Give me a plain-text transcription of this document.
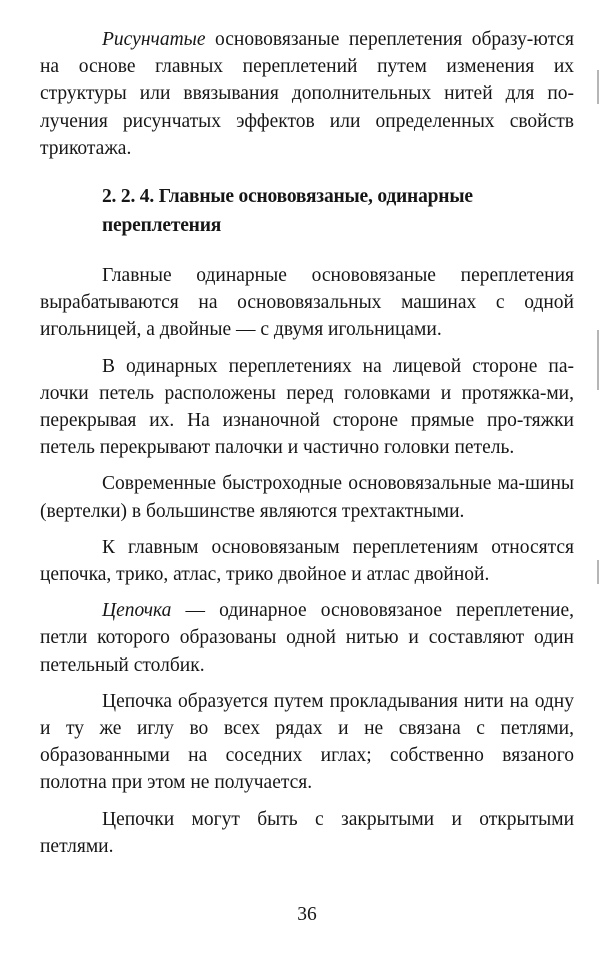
Рисунчатые основовязаные переплетения образу-ются на основе главных переплетений путем изменения их структуры или ввязывания дополнительных нитей для по-лучения рисунчатых эффектов или определенных свойств трикотажа.

2. 2. 4. Главные основовязаные, одинарные переплетения

Главные одинарные основовязаные переплетения вырабатываются на основовязальных машинах с одной игольницей, а двойные — с двумя игольницами.

В одинарных переплетениях на лицевой стороне па-лочки петель расположены перед головками и протяжка-ми, перекрывая их. На изнаночной стороне прямые про-тяжки петель перекрывают палочки и частично головки петель.

Современные быстроходные основовязальные ма-шины (вертелки) в большинстве являются трехтактными.

К главным основовязаным переплетениям относятся цепочка, трико, атлас, трико двойное и атлас двойной.

Цепочка — одинарное основовязаное переплетение, петли которого образованы одной нитью и составляют один петельный столбик.

Цепочка образуется путем прокладывания нити на одну и ту же иглу во всех рядах и не связана с петлями, образованными на соседних иглах; собственно вязаного полотна при этом не получается.

Цепочки могут быть с закрытыми и открытыми петлями.

36
